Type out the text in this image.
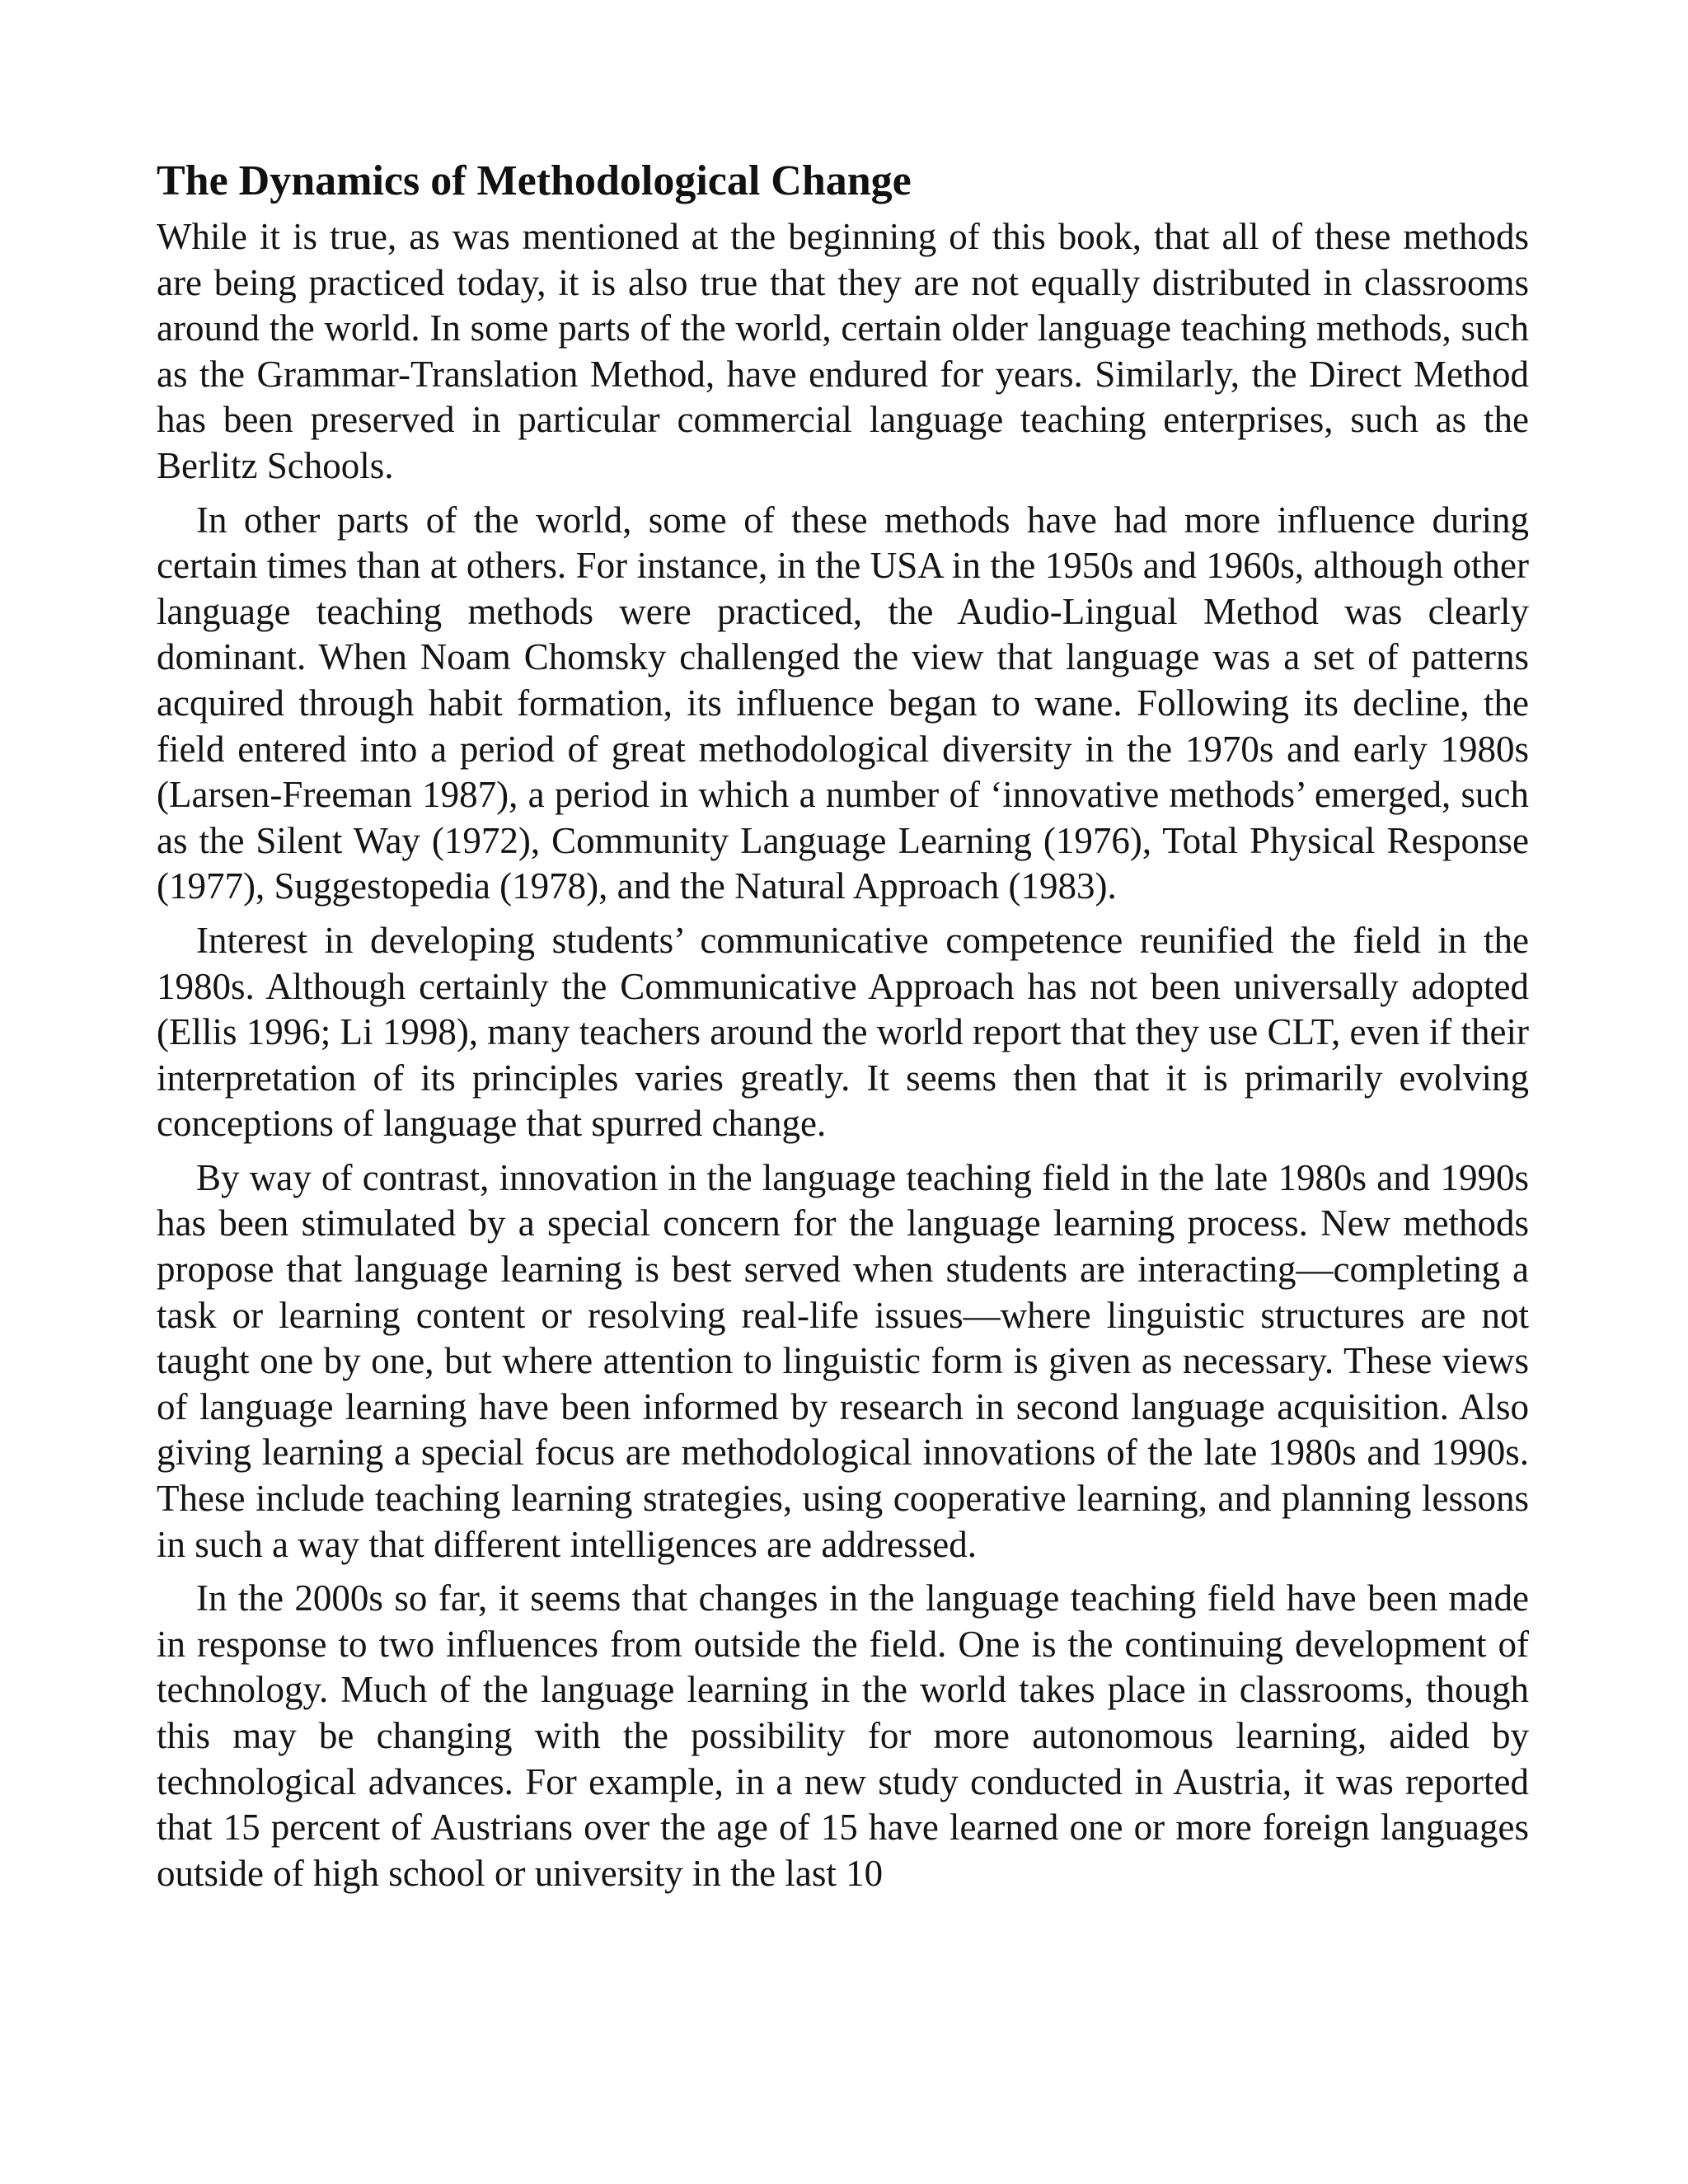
The Dynamics of Methodological Change

While it is true, as was mentioned at the beginning of this book, that all of these methods are being practiced today, it is also true that they are not equally distributed in classrooms around the world. In some parts of the world, certain older language teaching methods, such as the Grammar-Translation Method, have endured for years. Similarly, the Direct Method has been preserved in particular commercial language teaching enterprises, such as the Berlitz Schools.

In other parts of the world, some of these methods have had more influence during certain times than at others. For instance, in the USA in the 1950s and 1960s, although other language teaching methods were practiced, the Audio-Lingual Method was clearly dominant. When Noam Chomsky challenged the view that language was a set of patterns acquired through habit formation, its influence began to wane. Following its decline, the field entered into a period of great methodological diversity in the 1970s and early 1980s (Larsen-Freeman 1987), a period in which a number of ‘innovative methods’ emerged, such as the Silent Way (1972), Community Language Learning (1976), Total Physical Response (1977), Suggestopedia (1978), and the Natural Approach (1983).

Interest in developing students’ communicative competence reunified the field in the 1980s. Although certainly the Communicative Approach has not been universally adopted (Ellis 1996; Li 1998), many teachers around the world report that they use CLT, even if their interpretation of its principles varies greatly. It seems then that it is primarily evolving conceptions of language that spurred change.

By way of contrast, innovation in the language teaching field in the late 1980s and 1990s has been stimulated by a special concern for the language learning process. New methods propose that language learning is best served when students are interacting—completing a task or learning content or resolving real-life issues—where linguistic structures are not taught one by one, but where attention to linguistic form is given as necessary. These views of language learning have been informed by research in second language acquisition. Also giving learning a special focus are methodological innovations of the late 1980s and 1990s. These include teaching learning strategies, using cooperative learning, and planning lessons in such a way that different intelligences are addressed.

In the 2000s so far, it seems that changes in the language teaching field have been made in response to two influences from outside the field. One is the continuing development of technology. Much of the language learning in the world takes place in classrooms, though this may be changing with the possibility for more autonomous learning, aided by technological advances. For example, in a new study conducted in Austria, it was reported that 15 percent of Austrians over the age of 15 have learned one or more foreign languages outside of high school or university in the last 10
